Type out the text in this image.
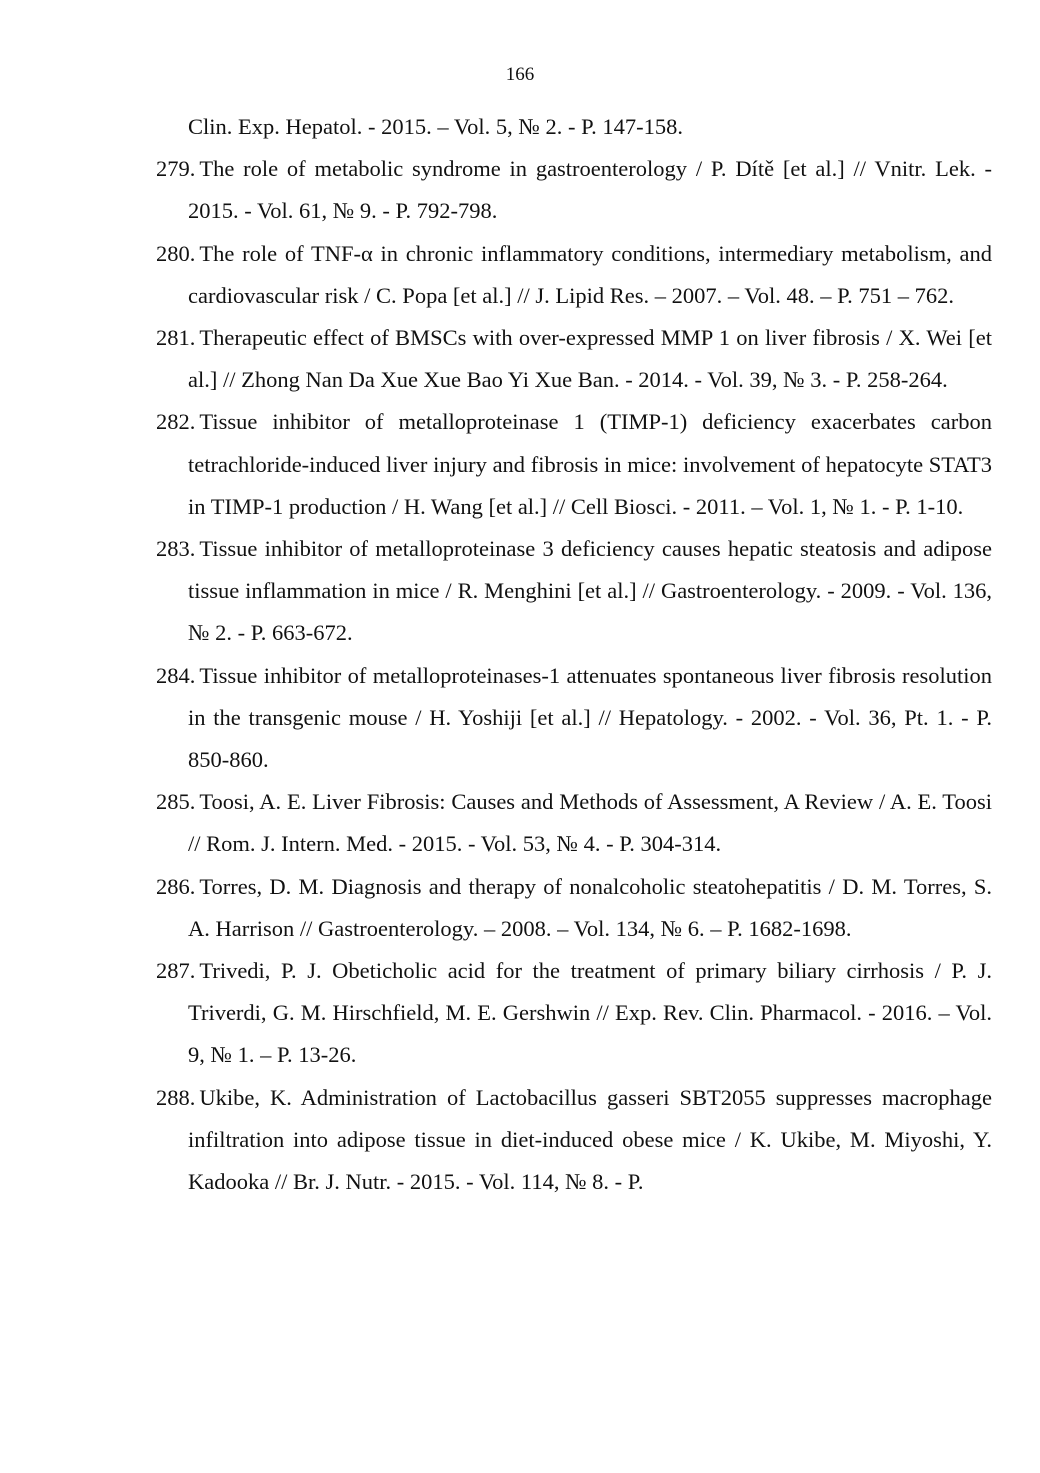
166

Clin. Exp. Hepatol. - 2015. – Vol. 5, № 2. - P. 147-158.

279. The role of metabolic syndrome in gastroenterology / P. Dítě [et al.] // Vnitr. Lek. - 2015. - Vol. 61, № 9. - P. 792-798.

280. The role of TNF-α in chronic inflammatory conditions, intermediary metabolism, and cardiovascular risk / C. Popa [et al.] // J. Lipid Res. – 2007. – Vol. 48. – P. 751 – 762.

281. Therapeutic effect of BMSCs with over-expressed MMP 1 on liver fibrosis / X. Wei [et al.] // Zhong Nan Da Xue Xue Bao Yi Xue Ban. - 2014. - Vol. 39, № 3. - P. 258-264.

282. Tissue inhibitor of metalloproteinase 1 (TIMP-1) deficiency exacerbates carbon tetrachloride-induced liver injury and fibrosis in mice: involvement of hepatocyte STAT3 in TIMP-1 production / H. Wang [et al.] // Cell Biosci. - 2011. – Vol. 1, № 1. - P. 1-10.

283. Tissue inhibitor of metalloproteinase 3 deficiency causes hepatic steatosis and adipose tissue inflammation in mice / R. Menghini [et al.] // Gastroenterology. - 2009. - Vol. 136, № 2. - P. 663-672.

284. Tissue inhibitor of metalloproteinases-1 attenuates spontaneous liver fibrosis resolution in the transgenic mouse / H. Yoshiji [et al.] // Hepatology. - 2002. - Vol. 36, Pt. 1. - P. 850-860.

285. Toosi, A. E. Liver Fibrosis: Causes and Methods of Assessment, A Review / A. E. Toosi // Rom. J. Intern. Med. - 2015. - Vol. 53, № 4. - P. 304-314.

286. Torres, D. M. Diagnosis and therapy of nonalcoholic steatohepatitis / D. M. Torres, S. A. Harrison // Gastroenterology. – 2008. – Vol. 134, № 6. – P. 1682-1698.

287. Trivedi, P. J. Obeticholic acid for the treatment of primary biliary cirrhosis / P. J. Triverdi, G. M. Hirschfield, M. E. Gershwin // Exp. Rev. Clin. Pharmacol. - 2016. – Vol. 9, № 1. – P. 13-26.

288. Ukibe, K. Administration of Lactobacillus gasseri SBT2055 suppresses macrophage infiltration into adipose tissue in diet-induced obese mice / K. Ukibe, M. Miyoshi, Y. Kadooka // Br. J. Nutr. - 2015. - Vol. 114, № 8. - P.
